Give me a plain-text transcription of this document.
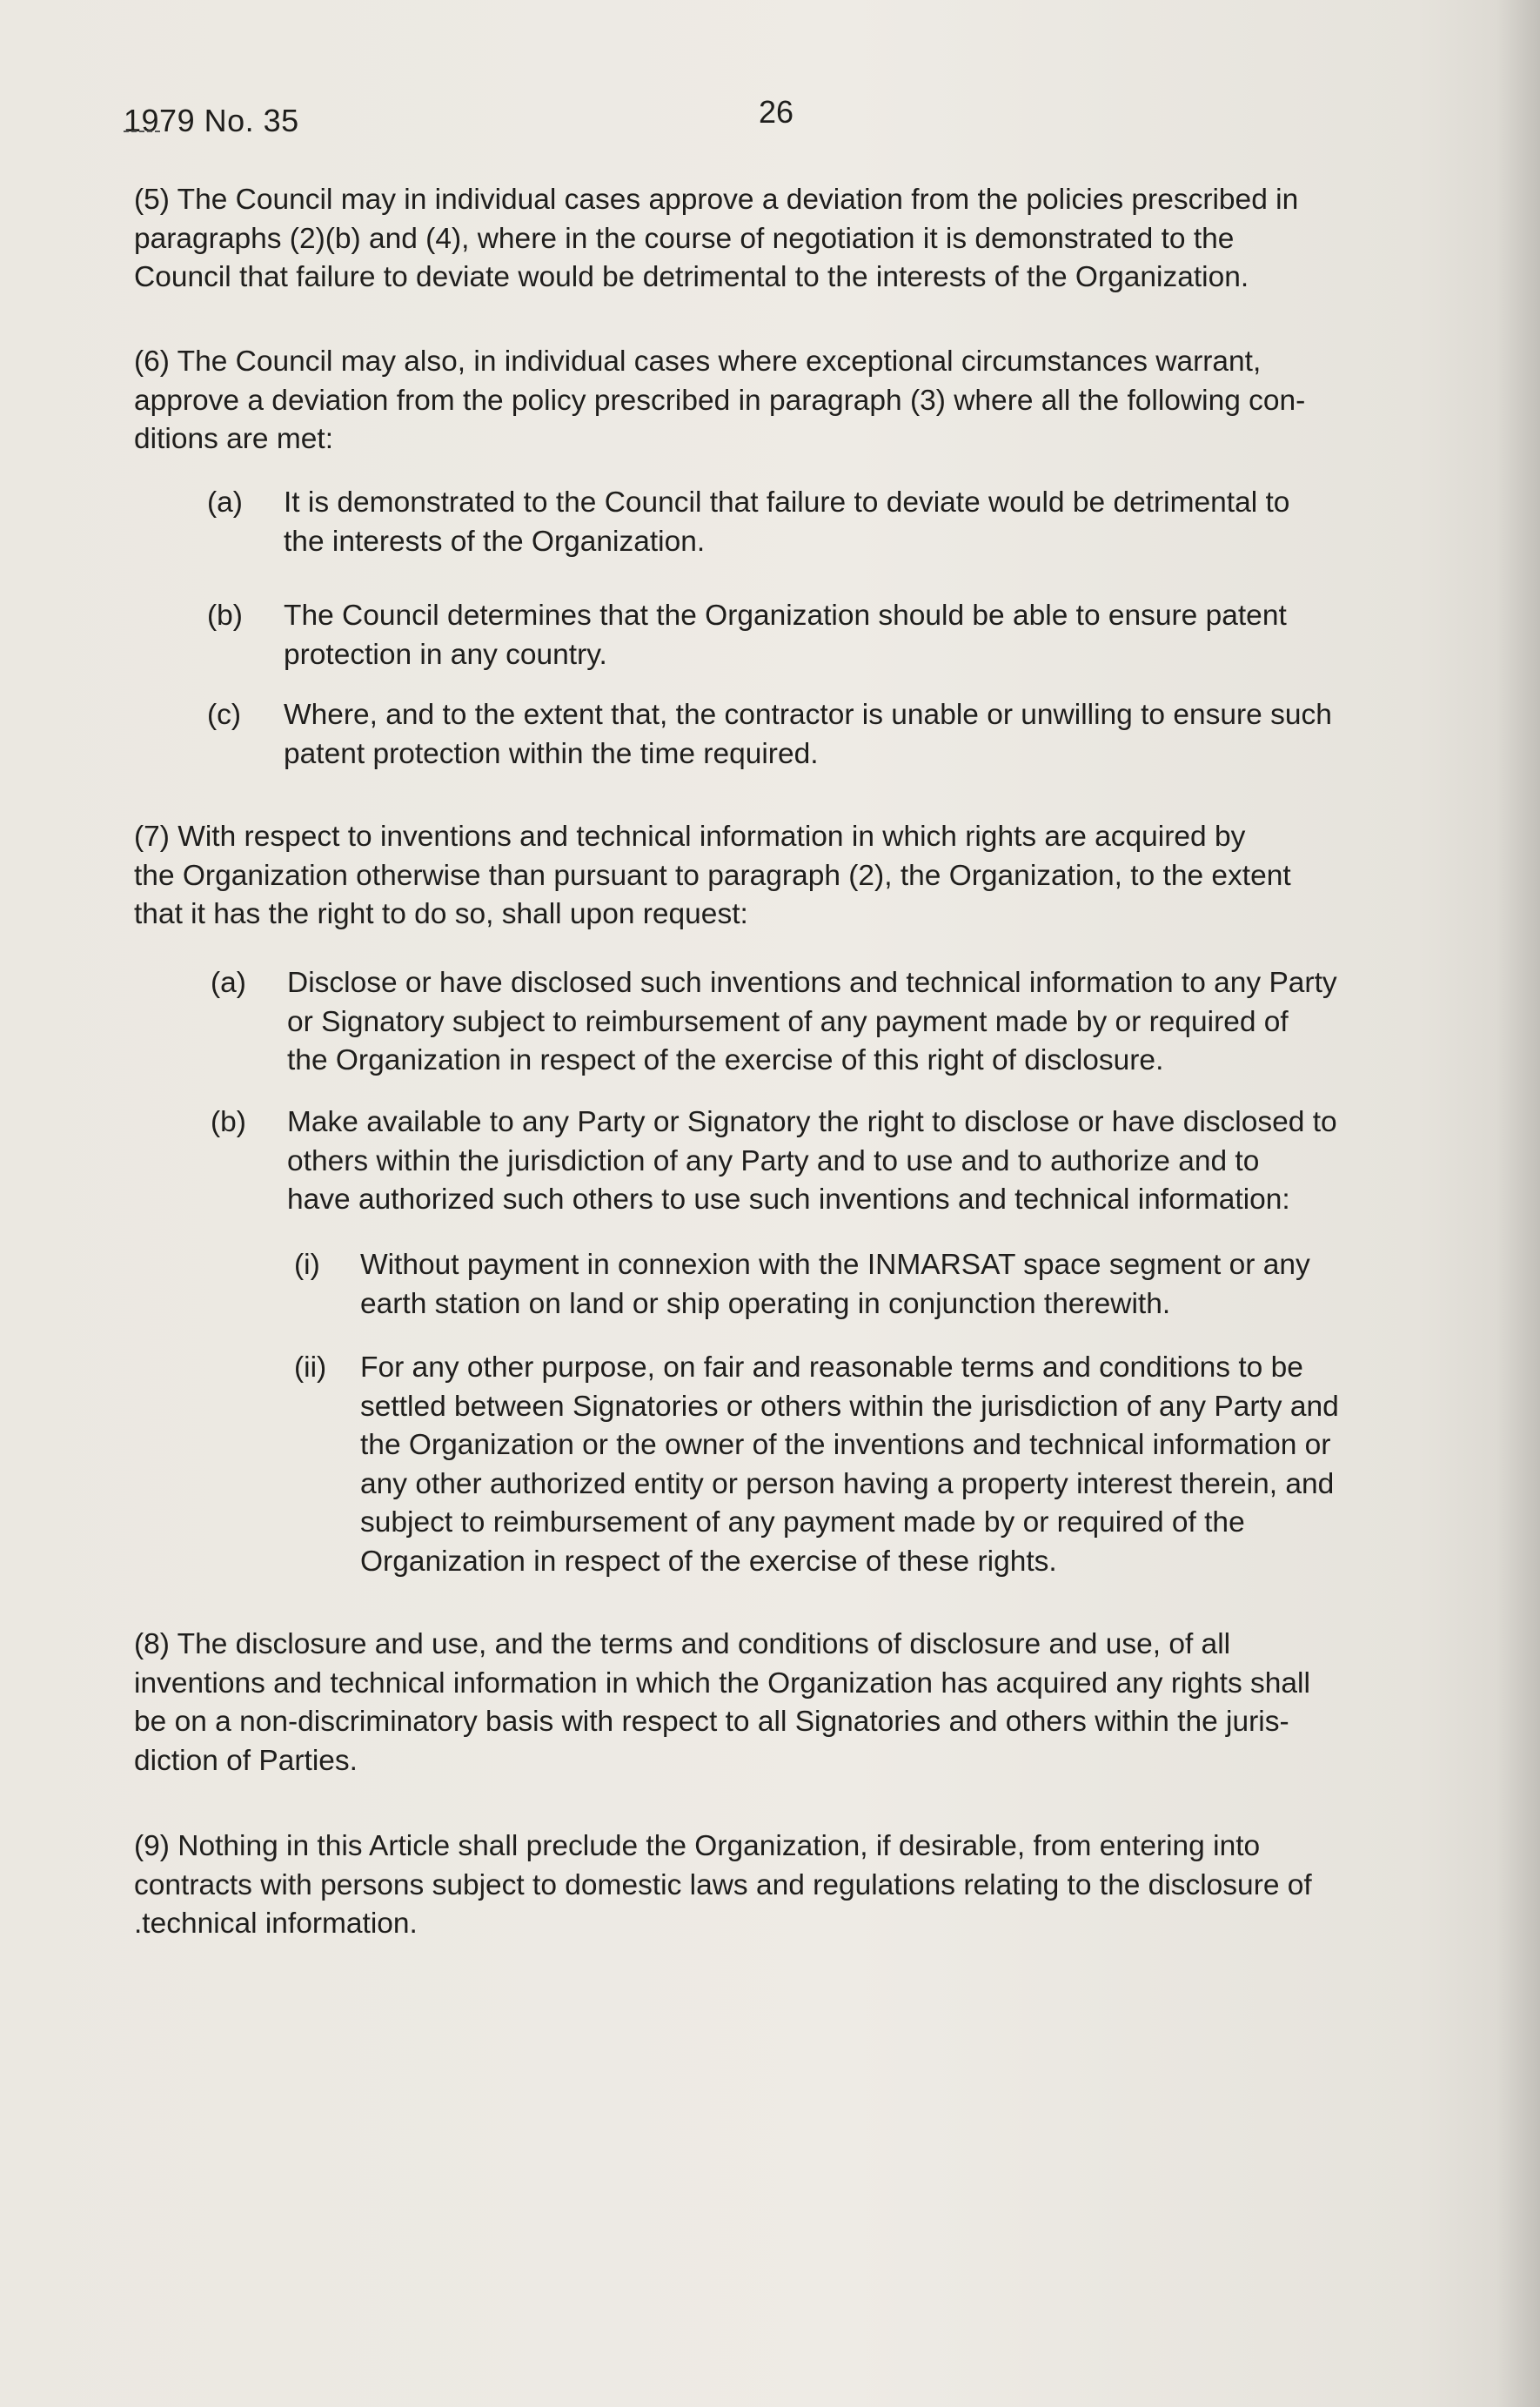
1979 No. 35	26
(5) The Council may in individual cases approve a deviation from the policies prescribed in
paragraphs (2)(b) and (4), where in the course of negotiation it is demonstrated to the
Council that failure to deviate would be detrimental to the interests of the Organization.
(6) The Council may also, in individual cases where exceptional circumstances warrant,
approve a deviation from the policy prescribed in paragraph (3) where all the following con-
ditions are met:
(a) It is demonstrated to the Council that failure to deviate would be detrimental to
the interests of the Organization.
(b) The Council determines that the Organization should be able to ensure patent
protection in any country.
(c) Where, and to the extent that, the contractor is unable or unwilling to ensure such
patent protection within the time required.
(7) With respect to inventions and technical information in which rights are acquired by
the Organization otherwise than pursuant to paragraph (2), the Organization, to the extent
that it has the right to do so, shall upon request:
(a) Disclose or have disclosed such inventions and technical information to any Party
or Signatory subject to reimbursement of any payment made by or required of
the Organization in respect of the exercise of this right of disclosure.
(b) Make available to any Party or Signatory the right to disclose or have disclosed to
others within the jurisdiction of any Party and to use and to authorize and to
have authorized such others to use such inventions and technical information:
(i) Without payment in connexion with the INMARSAT space segment or any
earth station on land or ship operating in conjunction therewith.
(ii) For any other purpose, on fair and reasonable terms and conditions to be
settled between Signatories or others within the jurisdiction of any Party and
the Organization or the owner of the inventions and technical information or
any other authorized entity or person having a property interest therein, and
subject to reimbursement of any payment made by or required of the
Organization in respect of the exercise of these rights.
(8) The disclosure and use, and the terms and conditions of disclosure and use, of all
inventions and technical information in which the Organization has acquired any rights shall
be on a non-discriminatory basis with respect to all Signatories and others within the juris-
diction of Parties.
(9) Nothing in this Article shall preclude the Organization, if desirable, from entering into
contracts with persons subject to domestic laws and regulations relating to the disclosure of
.technical information.
